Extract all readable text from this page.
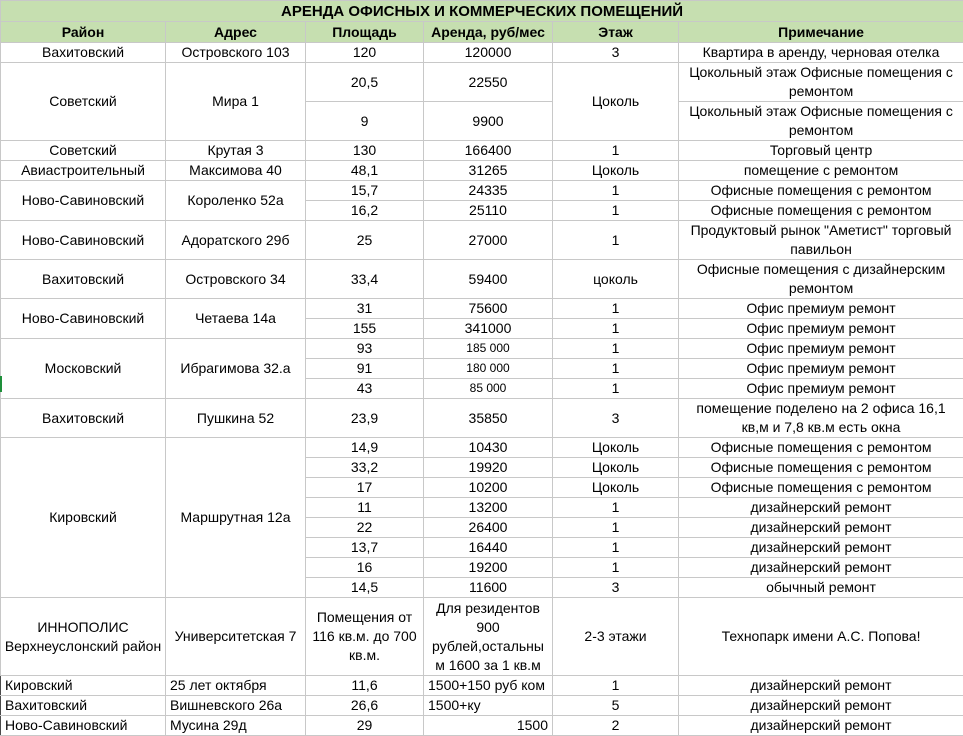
АРЕНДА ОФИСНЫХ И КОММЕРЧЕСКИХ ПОМЕЩЕНИЙ					
Район	Адрес	Площадь	Аренда, руб/мес	Этаж	Примечание
Вахитовский	Островского 103	120	120000	3	Квартира в аренду, черновая отелка
Советский	Мира 1	20,5	22550	Цоколь	Цокольный этаж Офисные помещения с ремонтом
		9	9900		Цокольный этаж Офисные помещения с ремонтом
Советский	Крутая 3	130	166400	1	Торговый центр
Авиастроительный	Максимова 40	48,1	31265	Цоколь	помещение с ремонтом
Ново-Савиновский	Короленко 52а	15,7	24335	1	Офисные помещения с ремонтом
		16,2	25110	1	Офисные помещения с ремонтом
Ново-Савиновский	Адоратского 29б	25	27000	1	Продуктовый рынок "Аметист" торговый павильон
Вахитовский	Островского 34	33,4	59400	цоколь	Офисные помещения с дизайнерским ремонтом
Ново-Савиновский	Четаева 14а	31	75600	1	Офис премиум ремонт
		155	341000	1	Офис премиум ремонт
Московский	Ибрагимова 32.а	93	185 000	1	Офис премиум ремонт
		91	180 000	1	Офис премиум ремонт
		43	85 000	1	Офис премиум ремонт
Вахитовский	Пушкина 52	23,9	35850	3	помещение поделено на 2 офиса 16,1 кв,м и 7,8 кв.м есть окна
Кировский	Маршрутная 12а	14,9	10430	Цоколь	Офисные помещения с ремонтом
		33,2	19920	Цоколь	Офисные помещения с ремонтом
		17	10200	Цоколь	Офисные помещения с ремонтом
		11	13200	1	дизайнерский ремонт
		22	26400	1	дизайнерский ремонт
		13,7	16440	1	дизайнерский ремонт
		16	19200	1	дизайнерский ремонт
		14,5	11600	3	обычный ремонт
ИННОПОЛИС Верхнеуслонский район	Университетская 7	Помещения от 116 кв.м. до 700 кв.м.	Для резидентов 900 рублей,остальны м 1600 за 1 кв.м	2-3 этажи	Технопарк имени А.С. Попова!
Кировский	25 лет октября	11,6	1500+150 руб ком	1	дизайнерский ремонт
Вахитовский	Вишневского 26а	26,6	1500+ку	5	дизайнерский ремонт
Ново-Савиновский	Мусина 29д	29	1500	2	дизайнерский ремонт
